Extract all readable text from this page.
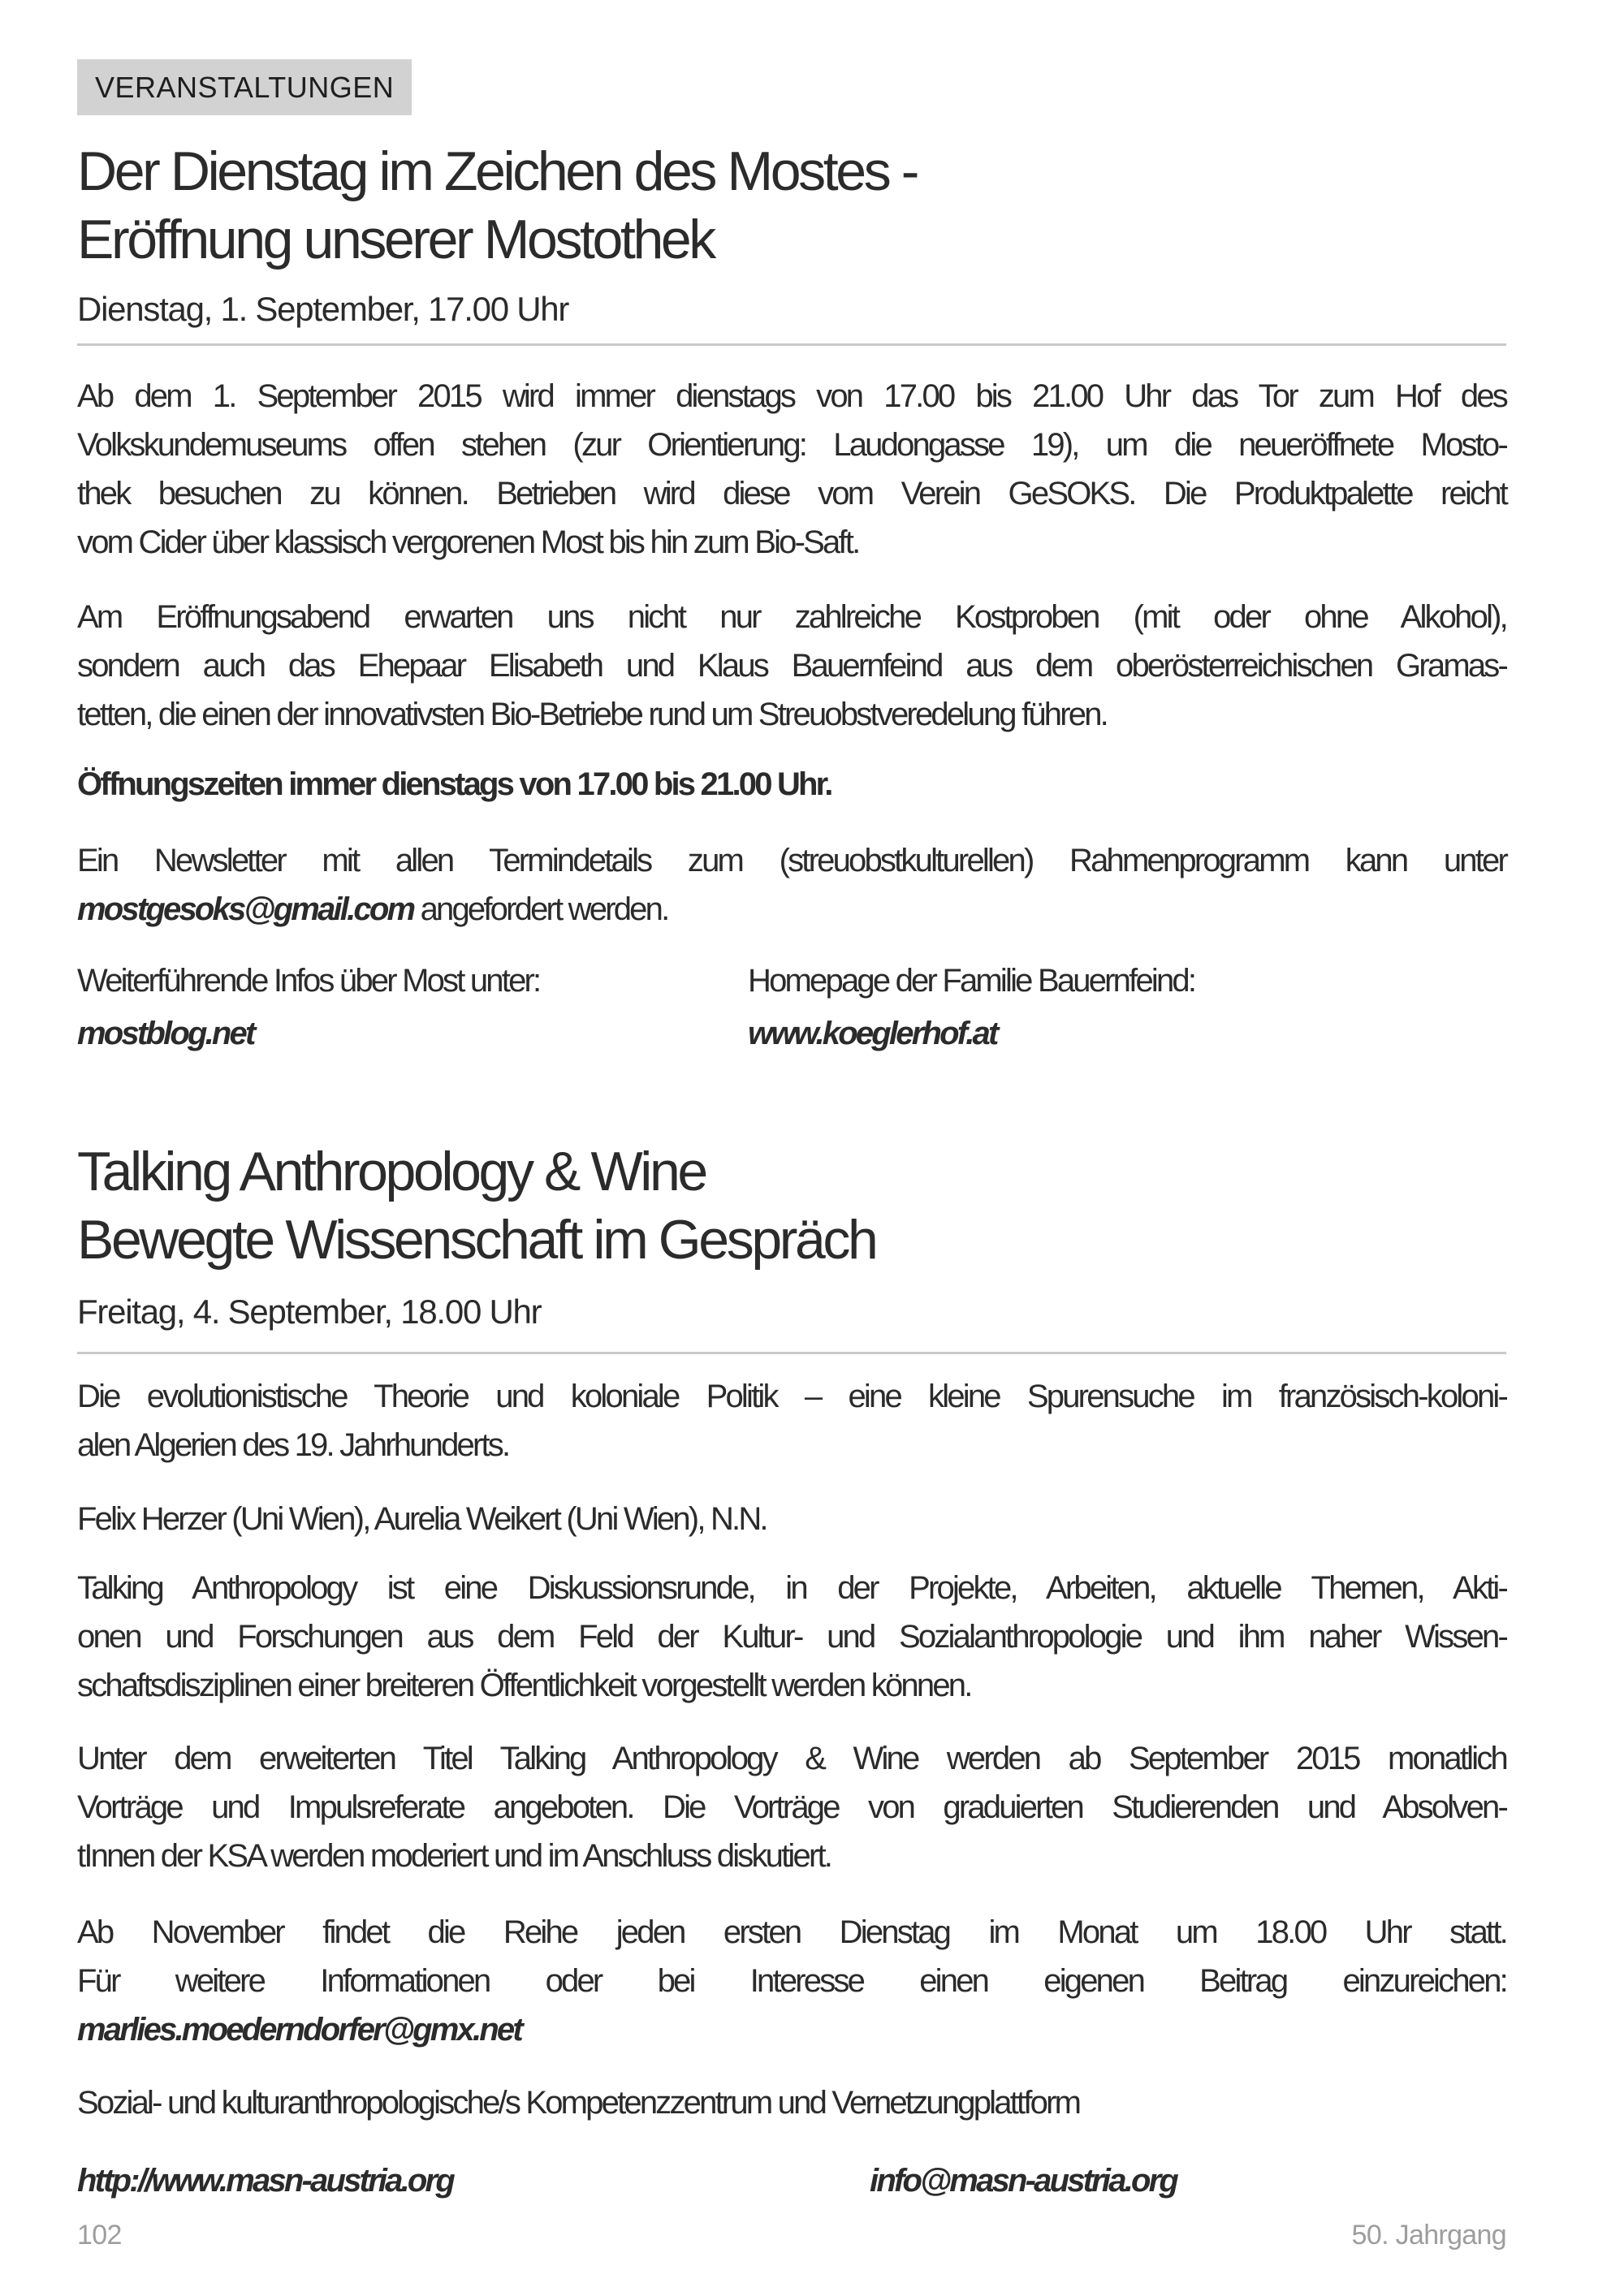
VERANSTALTUNGEN
Der Dienstag im Zeichen des Mostes -
Eröffnung unserer Mostothek
Dienstag, 1. September, 17.00 Uhr
Ab dem 1. September 2015 wird immer dienstags von 17.00 bis 21.00 Uhr das Tor zum Hof des
Volkskundemuseums offen stehen (zur Orientierung: Laudongasse 19), um die neueröffnete Mosto-
thek besuchen zu können. Betrieben wird diese vom Verein GeSOKS. Die Produktpalette reicht
vom Cider über klassisch vergorenen Most bis hin zum Bio-Saft.
Am Eröffnungsabend erwarten uns nicht nur zahlreiche Kostproben (mit oder ohne Alkohol),
sondern auch das Ehepaar Elisabeth und Klaus Bauernfeind aus dem oberösterreichischen Gramas-
tetten, die einen der innovativsten Bio-Betriebe rund um Streuobstveredelung führen.
Öffnungszeiten immer dienstags von 17.00 bis 21.00 Uhr.
Ein Newsletter mit allen Termindetails zum (streuobstkulturellen) Rahmenprogramm kann unter
mostgesoks@gmail.com angefordert werden.
Weiterführende Infos über Most unter:	Homepage der Familie Bauernfeind:
mostblog.net	www.koeglerhof.at
Talking Anthropology & Wine
Bewegte Wissenschaft im Gespräch
Freitag, 4. September, 18.00 Uhr
Die evolutionistische Theorie und koloniale Politik – eine kleine Spurensuche im französisch-koloni-
alen Algerien des 19. Jahrhunderts.
Felix Herzer (Uni Wien), Aurelia Weikert (Uni Wien), N.N.
Talking Anthropology ist eine Diskussionsrunde, in der Projekte, Arbeiten, aktuelle Themen, Akti-
onen und Forschungen aus dem Feld der Kultur- und Sozialanthropologie und ihm naher Wissen-
schaftsdisziplinen einer breiteren Öffentlichkeit vorgestellt werden können.
Unter dem erweiterten Titel Talking Anthropology & Wine werden ab September 2015 monatlich
Vorträge und Impulsreferate angeboten. Die Vorträge von graduierten Studierenden und Absolven-
tInnen der KSA werden moderiert und im Anschluss diskutiert.
Ab November findet die Reihe jeden ersten Dienstag im Monat um 18.00 Uhr statt.
Für weitere Informationen oder bei Interesse einen eigenen Beitrag einzureichen:
marlies.moederndorfer@gmx.net
Sozial- und kulturanthropologische/s Kompetenzzentrum und Vernetzungplattform
http://www.masn-austria.org	info@masn-austria.org
102	50. Jahrgang
